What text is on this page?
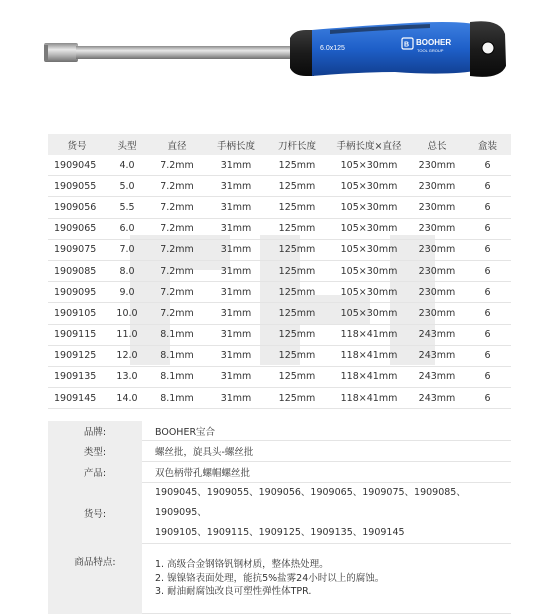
6.0x125	B BOOHER
TOOL GROUP
货号	头型	直径	手柄长度	刀杆长度	手柄长度×直径	总长	盒装
1909045	4.0	7.2mm	31mm	125mm	105×30mm	230mm	6
1909055	5.0	7.2mm	31mm	125mm	105×30mm	230mm	6
1909056	5.5	7.2mm	31mm	125mm	105×30mm	230mm	6
1909065	6.0	7.2mm	31mm	125mm	105×30mm	230mm	6
1909075	7.0	7.2mm	31mm	125mm	105×30mm	230mm	6
1909085	8.0	7.2mm	31mm	125mm	105×30mm	230mm	6
1909095	9.0	7.2mm	31mm	125mm	105×30mm	230mm	6
1909105	10.0	7.2mm	31mm	125mm	105×30mm	230mm	6
1909115	11.0	8.1mm	31mm	125mm	118×41mm	243mm	6
1909125	12.0	8.1mm	31mm	125mm	118×41mm	243mm	6
1909135	13.0	8.1mm	31mm	125mm	118×41mm	243mm	6
1909145	14.0	8.1mm	31mm	125mm	118×41mm	243mm	6
品牌:	BOOHER宝合
类型:	螺丝批，旋具头-螺丝批
产品:	双色柄带孔螺帽螺丝批
货号:	1909045、1909055、1909056、1909065、1909075、1909085、1909095、
1909105、1909115、1909125、1909135、1909145

商品特点:	1. 高级合金钢铬钒钢材质，整体热处理。
2. 镍镍铬表面处理，能抗5%盐雾24小时以上的腐蚀。
3. 耐油耐腐蚀改良可塑性弹性体TPR.
